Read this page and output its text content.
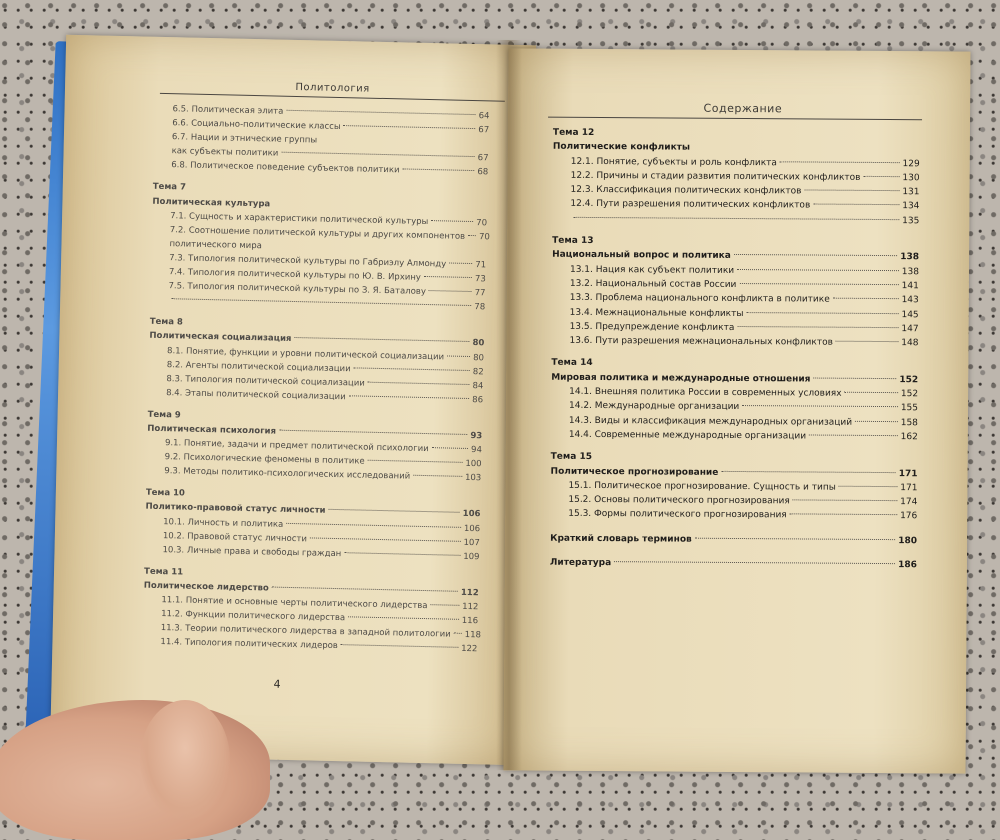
Политология
6.5. Политическая элита	64
6.6. Социально-политические классы	67
6.7. Нации и этнические группы
как субъекты политики	67
6.8. Политическое поведение субъектов политики	68
Тема 7
Политическая культура
7.1. Сущность и характеристики политической культуры	70
7.2. Соотношение политической культуры и других компонентов 70
политического мира
7.3. Типология политической культуры по Габриэлу Алмонду	71
7.4. Типология политической культуры по Ю. В. Ирхину	73
7.5. Типология политической культуры по З. Я. Баталову	77
78
Тема 8
Политическая социализация	80
8.1. Понятие, функции и уровни политической социализации	80
8.2. Агенты политической социализации	82
8.3. Типология политической социализации	84
8.4. Этапы политической социализации	86
Тема 9
Политическая психология	93
9.1. Понятие, задачи и предмет политической психологии	94
9.2. Психологические феномены в политике	100
9.3. Методы политико-психологических исследований	103
Тема 10
Политико-правовой статус личности	106
10.1. Личность и политика	106
10.2. Правовой статус личности	107
10.3. Личные права и свободы граждан	109
Тема 11
Политическое лидерство	112
11.1. Понятие и основные черты политического лидерства	112
11.2. Функции политического лидерства	116
11.3. Теории политического лидерства в западной политологии 118
11.4. Типология политических лидеров	122
4
Содержание
Тема 12
Политические конфликты
12.1. Понятие, субъекты и роль конфликта	129
12.2. Причины и стадии развития политических конфликтов	130
12.3. Классификация политических конфликтов	131
12.4. Пути разрешения политических конфликтов	134
135
Тема 13
Национальный вопрос и политика	138
13.1. Нация как субъект политики	138
13.2. Национальный состав России	141
13.3. Проблема национального конфликта в политике	143
13.4. Межнациональные конфликты	145
13.5. Предупреждение конфликта	147
13.6. Пути разрешения межнациональных конфликтов	148
Тема 14
Мировая политика и международные отношения	152
14.1. Внешняя политика России в современных условиях	152
14.2. Международные организации	155
14.3. Виды и классификация международных организаций	158
14.4. Современные международные организации	162
Тема 15
Политическое прогнозирование	171
15.1. Политическое прогнозирование. Сущность и типы	171
15.2. Основы политического прогнозирования	174
15.3. Формы политического прогнозирования	176
Краткий словарь терминов	180
Литература	186
